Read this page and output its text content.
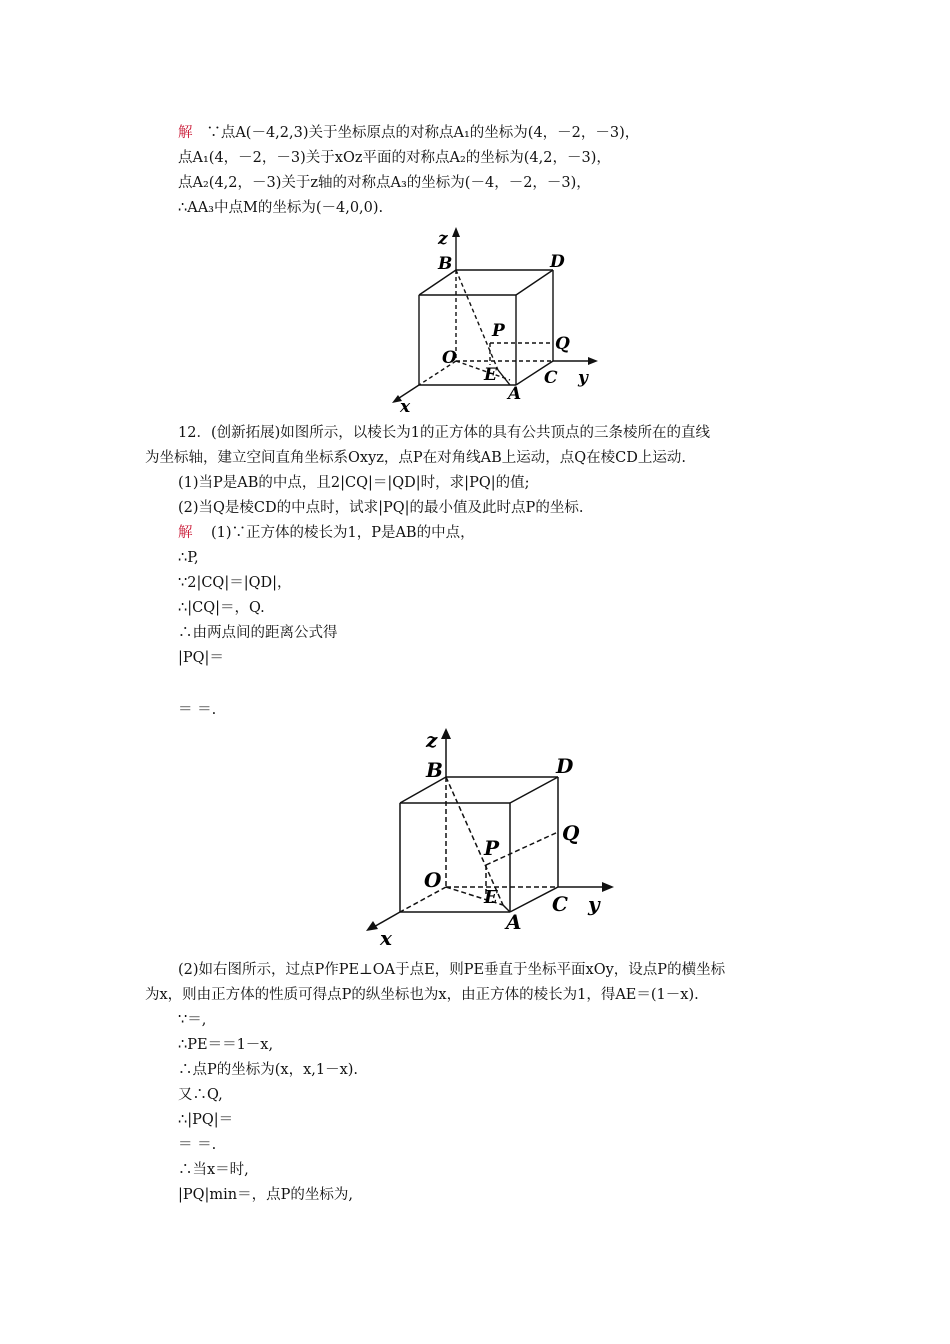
解 ∵点A(－4,2,3)关于坐标原点的对称点A₁的坐标为(4，－2，－3)，
点A₁(4，－2，－3)关于xOz平面的对称点A₂的坐标为(4,2，－3)，
点A₂(4,2，－3)关于z轴的对称点A₃的坐标为(－4，－2，－3)，
∴AA₃中点M的坐标为(－4,0,0).
z
B	D
P
Q
O
E	C y
A
x
12．(创新拓展)如图所示，以棱长为1的正方体的具有公共顶点的三条棱所在的直线
为坐标轴，建立空间直角坐标系Oxyz，点P在对角线AB上运动，点Q在棱CD上运动.
(1)当P是AB的中点，且2|CQ|＝|QD|时，求|PQ|的值;
(2)当Q是棱CD的中点时，试求|PQ|的最小值及此时点P的坐标.
解 (1)∵正方体的棱长为1，P是AB的中点，
∴P,
∵2|CQ|＝|QD|，
∴|CQ|＝，Q.
∴由两点间的距离公式得
|PQ|＝
＝ ＝.
z
B	D
Q
P
O
E	C y
A
x
(2)如右图所示，过点P作PE⊥OA于点E，则PE垂直于坐标平面xOy，设点P的横坐标
为x，则由正方体的性质可得点P的纵坐标也为x，由正方体的棱长为1，得AE＝(1－x).
∵＝,
∴PE＝＝1－x,
∴点P的坐标为(x，x,1－x).
又∴Q,
∴|PQ|＝
＝ ＝.
∴当x＝时,
|PQ|min＝，点P的坐标为,
